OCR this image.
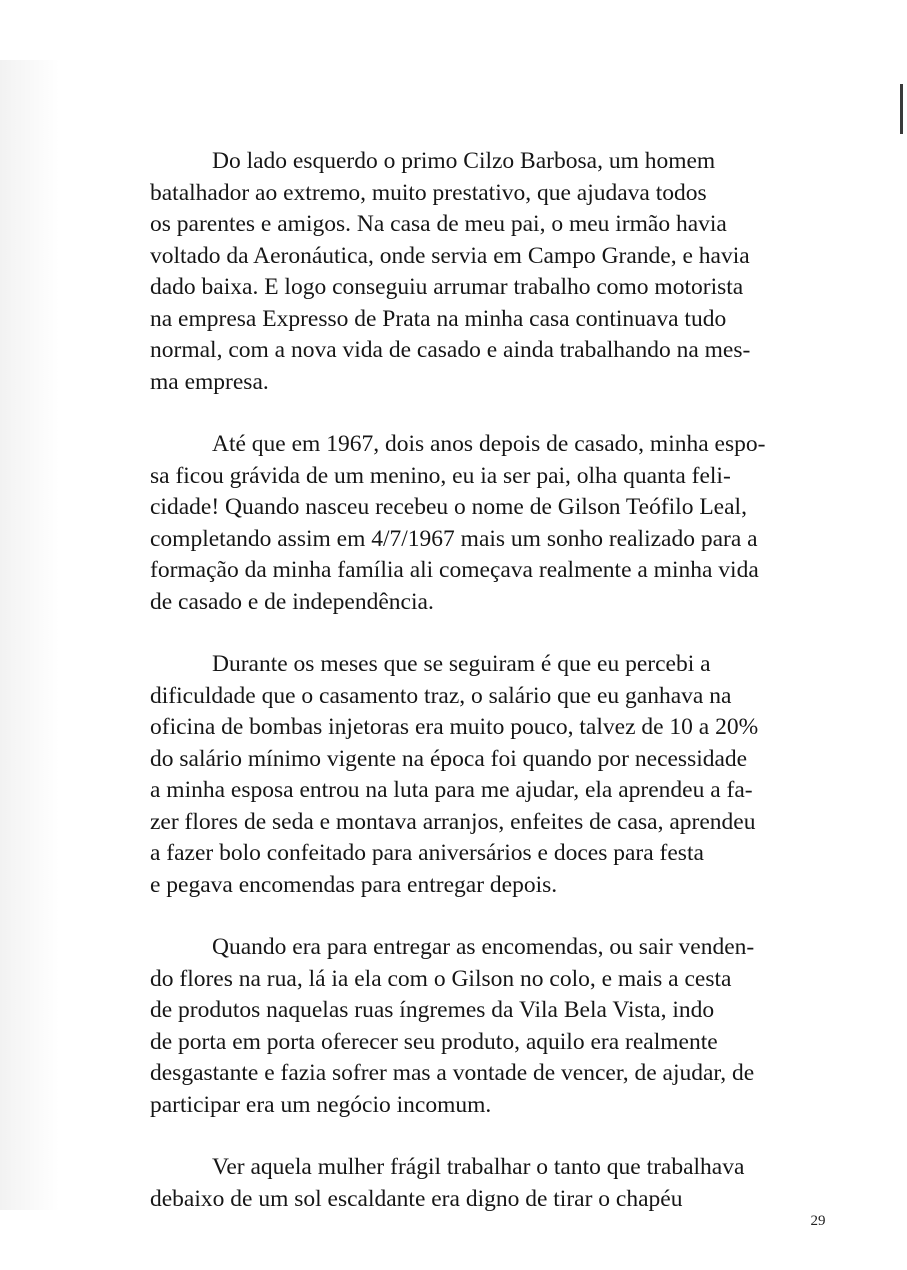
Do lado esquerdo o primo Cilzo Barbosa, um homem
batalhador ao extremo, muito prestativo, que ajudava todos
os parentes e amigos. Na casa de meu pai, o meu irmão havia
voltado da Aeronáutica, onde servia em Campo Grande, e havia
dado baixa. E logo conseguiu arrumar trabalho como motorista
na empresa Expresso de Prata na minha casa continuava tudo
normal, com a nova vida de casado e ainda trabalhando na mes-
ma empresa.
Até que em 1967, dois anos depois de casado, minha espo-
sa ficou grávida de um menino, eu ia ser pai, olha quanta feli-
cidade! Quando nasceu recebeu o nome de Gilson Teófilo Leal,
completando assim em 4/7/1967 mais um sonho realizado para a
formação da minha família ali começava realmente a minha vida
de casado e de independência.
Durante os meses que se seguiram é que eu percebi a
dificuldade que o casamento traz, o salário que eu ganhava na
oficina de bombas injetoras era muito pouco, talvez de 10 a 20%
do salário mínimo vigente na época foi quando por necessidade
a minha esposa entrou na luta para me ajudar, ela aprendeu a fa-
zer flores de seda e montava arranjos, enfeites de casa, aprendeu
a fazer bolo confeitado para aniversários e doces para festa
e pegava encomendas para entregar depois.
Quando era para entregar as encomendas, ou sair venden-
do flores na rua, lá ia ela com o Gilson no colo, e mais a cesta
de produtos naquelas ruas íngremes da Vila Bela Vista, indo
de porta em porta oferecer seu produto, aquilo era realmente
desgastante e fazia sofrer mas a vontade de vencer, de ajudar, de
participar era um negócio incomum.
Ver aquela mulher frágil trabalhar o tanto que trabalhava
debaixo de um sol escaldante era digno de tirar o chapéu
29
